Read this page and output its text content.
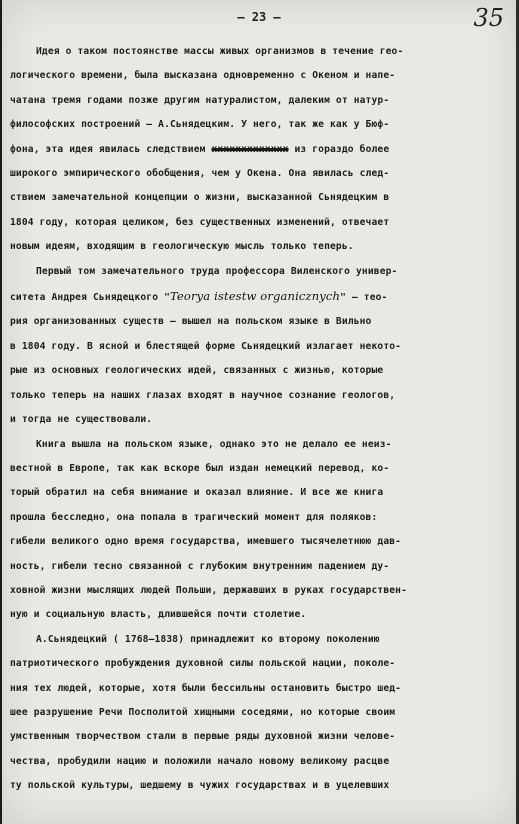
— 23 —	35
Идея о таком постоянстве массы живых организмов в течение гео-
логического времени, была высказана одновременно с Океном и напе-
чатана тремя годами позже другим натуралистом, далеким от натур-
философских построений — А.Сьнядецким. У него, так же как у Бюф-
фона, эта идея явилась следствием xxxxxxxxxxxxx из гораздо более
широкого эмпирического обобщения, чем у Окена. Она явилась след-
ствием замечательной концепции о жизни, высказанной Сьнядецким в
1804 году, которая целиком, без существенных изменений, отвечает
новым идеям, входящим в геологическую мысль только теперь.
Первый том замечательного труда профессора Виленского универ-
ситета Андрея Сьнядецкого "Teorya istestw organicznych" — тео-
рия организованных существ — вышел на польском языке в Вильно
в 1804 году. В ясной и блестящей форме Сьнядецкий излагает некото-
рые из основных геологических идей, связанных с жизнью, которые
только теперь на наших глазах входят в научное сознание геологов,
и тогда не существовали.
Книга вышла на польском языке, однако это не делало ее неиз-
вестной в Европе, так как вскоре был издан немецкий перевод, ко-
торый обратил на себя внимание и оказал влияние. И все же книга
прошла бесследно, она попала в трагический момент для поляков:
гибели великого одно время государства, имевшего тысячелетнюю дав-
ность, гибели тесно связанной с глубоким внутренним падением ду-
ховной жизни мыслящих людей Польши, державших в руках государствен-
ную и социальную власть, длившейся почти столетие.
А.Сьнядецкий ( 1768—1838) принадлежит ко второму поколению
патриотического пробуждения духовной силы польской нации, поколе-
ния тех людей, которые, хотя были бессильны остановить быстро шед-
шее разрушение Речи Посполитой хищными соседями, но которые своим
умственным творчеством стали в первые ряды духовной жизни челове-
чества, пробудили нацию и положили начало новому великому расцве
ту польской культуры, шедшему в чужих государствах и в уцелевших
